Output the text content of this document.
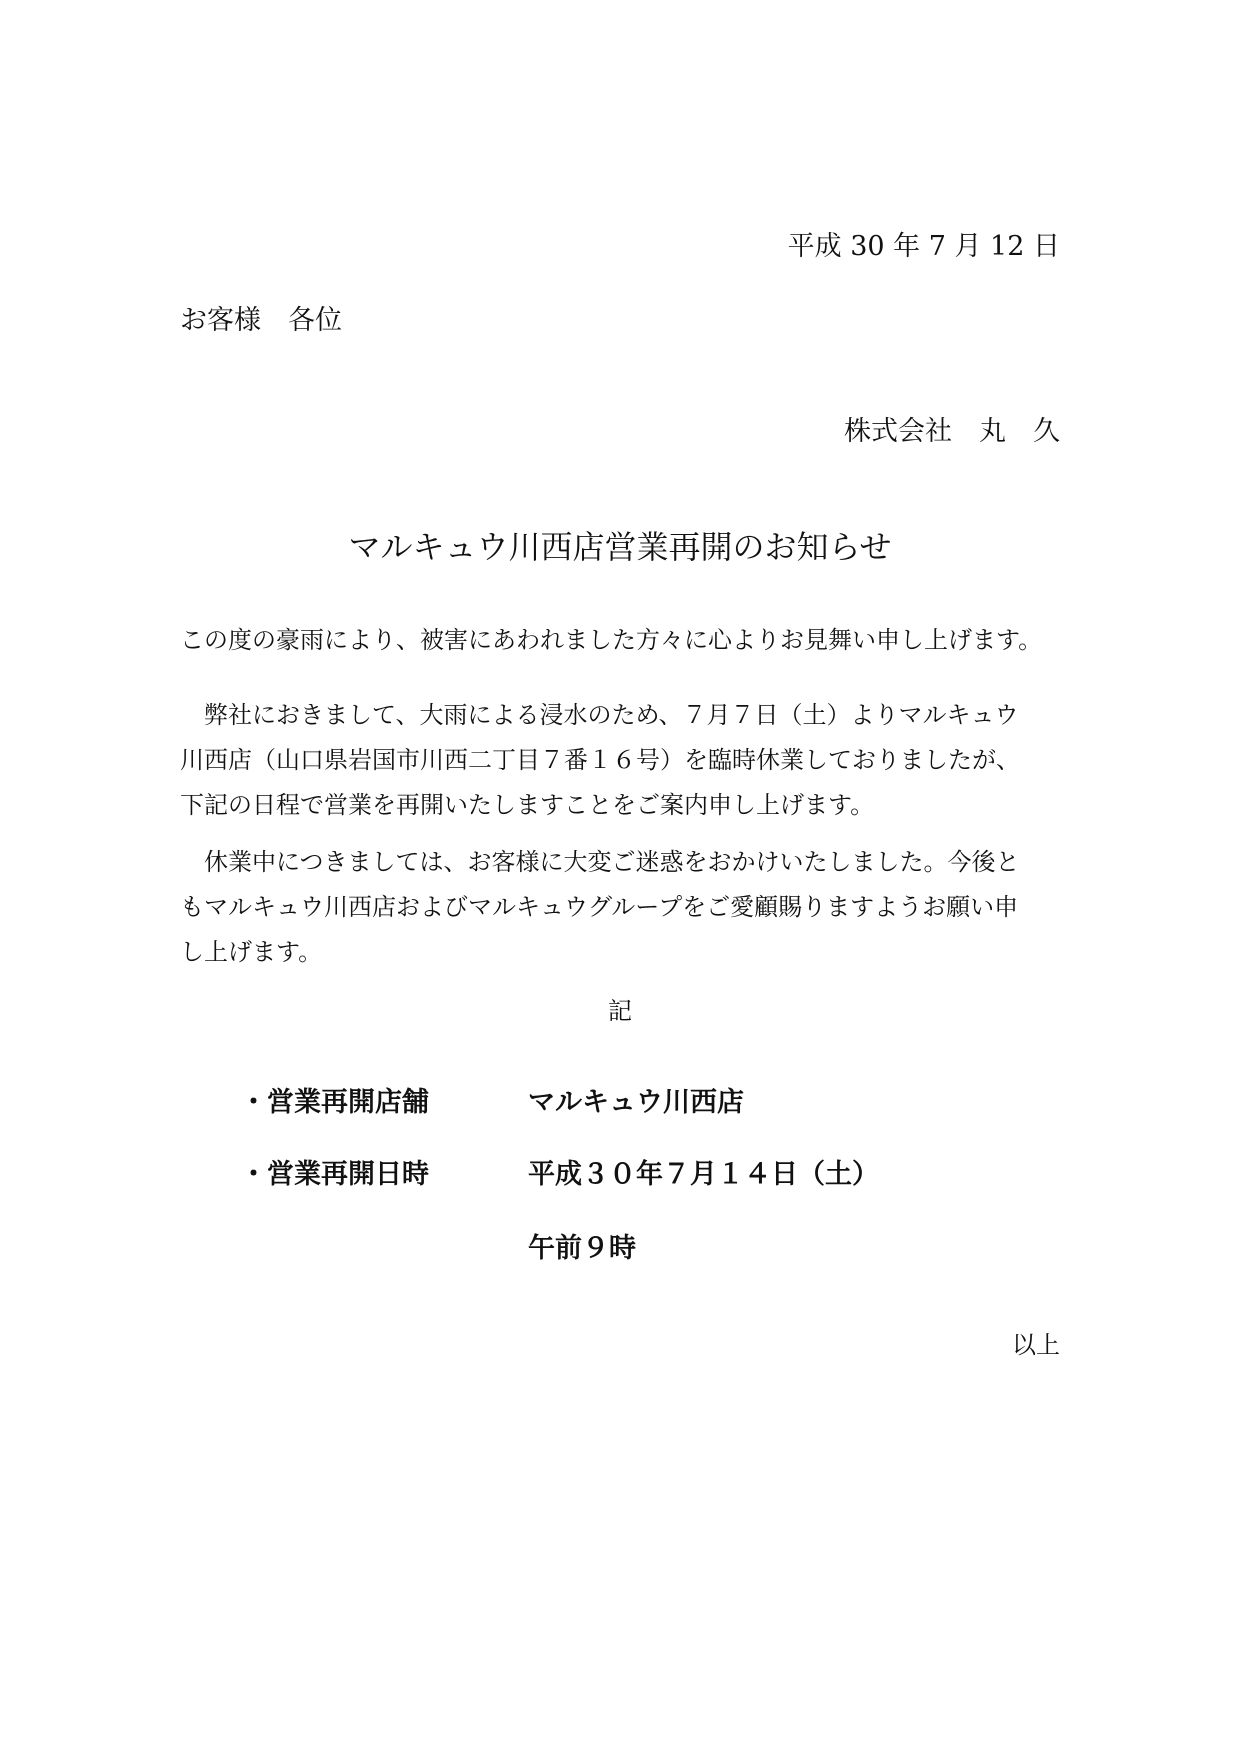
平成 30 年 7 月 12 日
お客様　各位
株式会社　丸　久
マルキュウ川西店営業再開のお知らせ
この度の豪雨により、被害にあわれました方々に心よりお見舞い申し上げます。
　弊社におきまして、大雨による浸水のため、７月７日（土）よりマルキュウ
川西店（山口県岩国市川西二丁目７番１６号）を臨時休業しておりましたが、
下記の日程で営業を再開いたしますことをご案内申し上げます。
　休業中につきましては、お客様に大変ご迷惑をおかけいたしました。今後と
もマルキュウ川西店およびマルキュウグループをご愛顧賜りますようお願い申
し上げます。
記
・営業再開店舗	マルキュウ川西店
・営業再開日時	平成３０年７月１４日（土）
午前９時
以上
